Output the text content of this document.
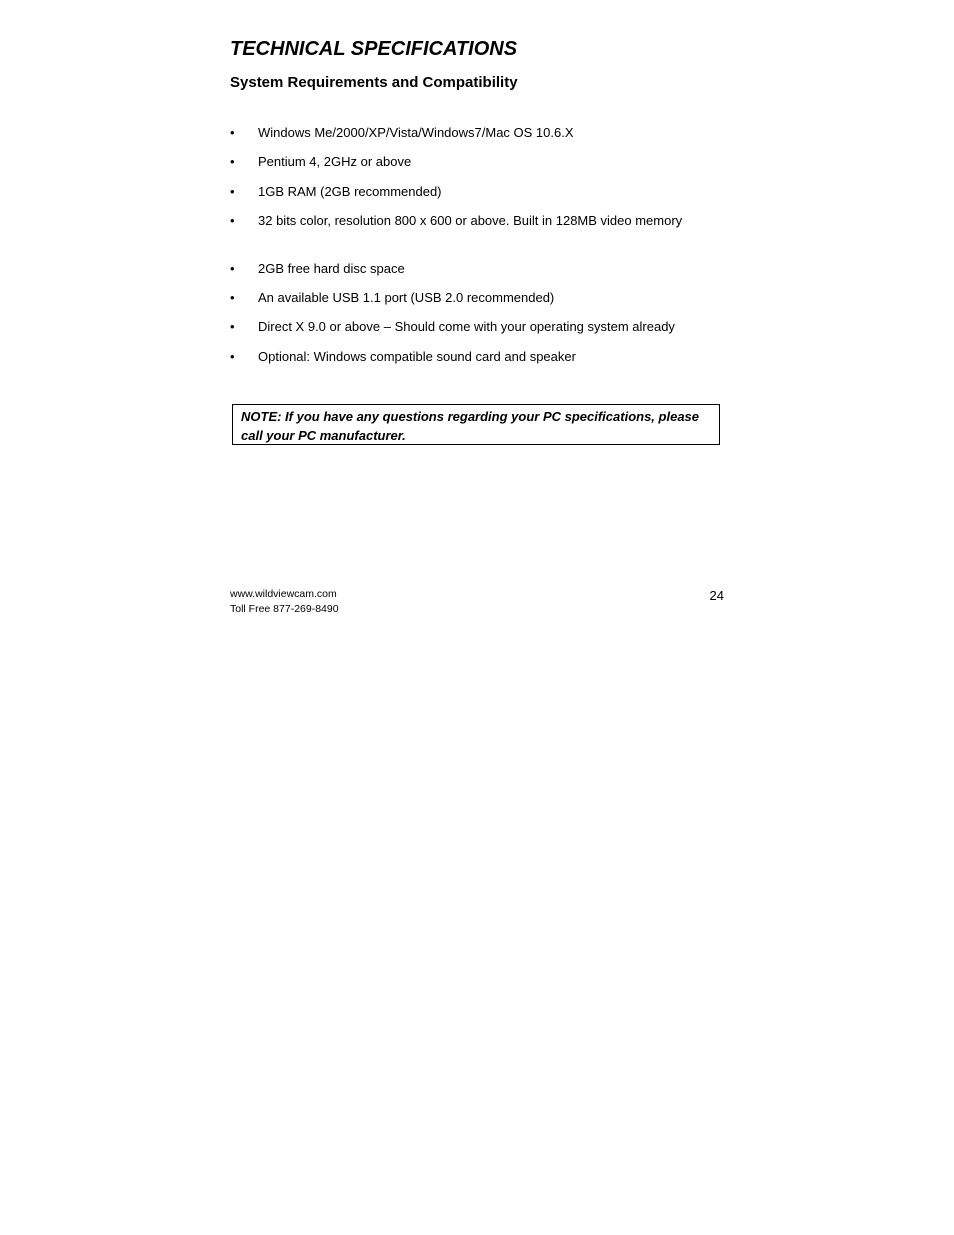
TECHNICAL SPECIFICATIONS
System Requirements and Compatibility
•	Windows Me/2000/XP/Vista/Windows7/Mac OS 10.6.X
•	Pentium 4, 2GHz or above
•	1GB RAM (2GB recommended)
•	32 bits color, resolution 800 x 600 or above. Built in 128MB video memory
•	2GB free hard disc space
•	An available USB 1.1 port (USB 2.0 recommended)
•	Direct X 9.0 or above – Should come with your operating system already
•	Optional: Windows compatible sound card and speaker

NOTE: If you have any questions regarding your PC specifications, please call your PC manufacturer.

www.wildviewcam.com
Toll Free 877-269-8490
24
